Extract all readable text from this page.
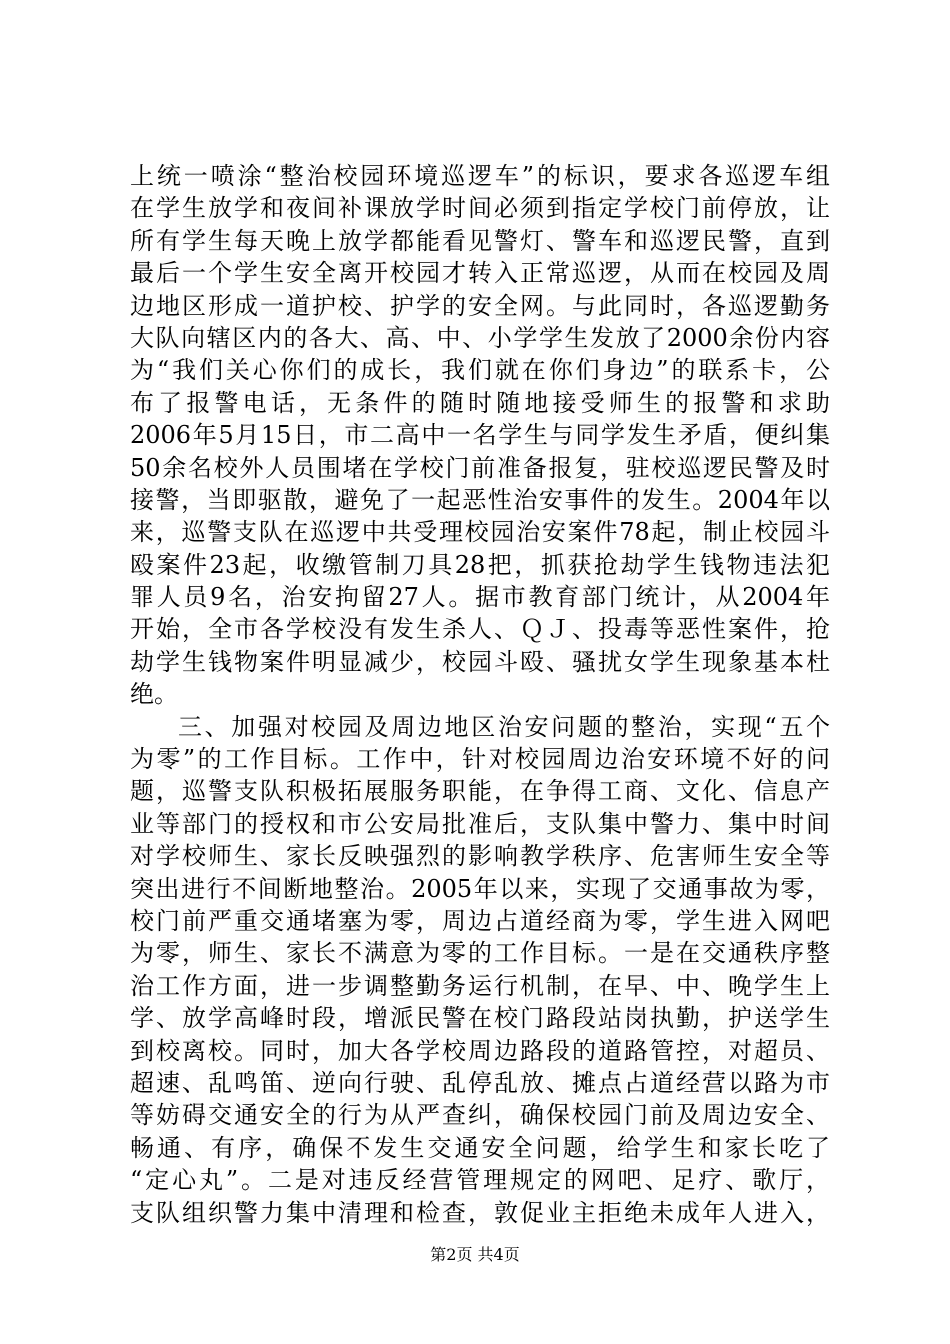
上统一喷涂“整治校园环境巡逻车”的标识，要求各巡逻车组
在学生放学和夜间补课放学时间必须到指定学校门前停放，让
所有学生每天晚上放学都能看见警灯、警车和巡逻民警，直到
最后一个学生安全离开校园才转入正常巡逻，从而在校园及周
边地区形成一道护校、护学的安全网。与此同时，各巡逻勤务
大队向辖区内的各大、高、中、小学学生发放了2000余份内容
为“我们关心你们的成长，我们就在你们身边”的联系卡，公
布了报警电话，无条件的随时随地接受师生的报警和求助
2006年5月15日，市二高中一名学生与同学发生矛盾，便纠集
50余名校外人员围堵在学校门前准备报复，驻校巡逻民警及时
接警，当即驱散，避免了一起恶性治安事件的发生。2004年以
来，巡警支队在巡逻中共受理校园治安案件78起，制止校园斗
殴案件23起，收缴管制刀具28把，抓获抢劫学生钱物违法犯
罪人员9名，治安拘留27人。据市教育部门统计，从2004年
开始，全市各学校没有发生杀人、ＱＪ、投毒等恶性案件，抢
劫学生钱物案件明显减少，校园斗殴、骚扰女学生现象基本杜
绝。
三、加强对校园及周边地区治安问题的整治，实现“五个
为零”的工作目标。工作中，针对校园周边治安环境不好的问
题，巡警支队积极拓展服务职能，在争得工商、文化、信息产
业等部门的授权和市公安局批准后，支队集中警力、集中时间
对学校师生、家长反映强烈的影响教学秩序、危害师生安全等
突出进行不间断地整治。2005年以来，实现了交通事故为零，
校门前严重交通堵塞为零，周边占道经商为零，学生进入网吧
为零，师生、家长不满意为零的工作目标。一是在交通秩序整
治工作方面，进一步调整勤务运行机制，在早、中、晚学生上
学、放学高峰时段，增派民警在校门路段站岗执勤，护送学生
到校离校。同时，加大各学校周边路段的道路管控，对超员、
超速、乱鸣笛、逆向行驶、乱停乱放、摊点占道经营以路为市
等妨碍交通安全的行为从严查纠，确保校园门前及周边安全、
畅通、有序，确保不发生交通安全问题，给学生和家长吃了
“定心丸”。二是对违反经营管理规定的网吧、足疗、歌厅，
支队组织警力集中清理和检查，敦促业主拒绝未成年人进入，
第2页 共4页
